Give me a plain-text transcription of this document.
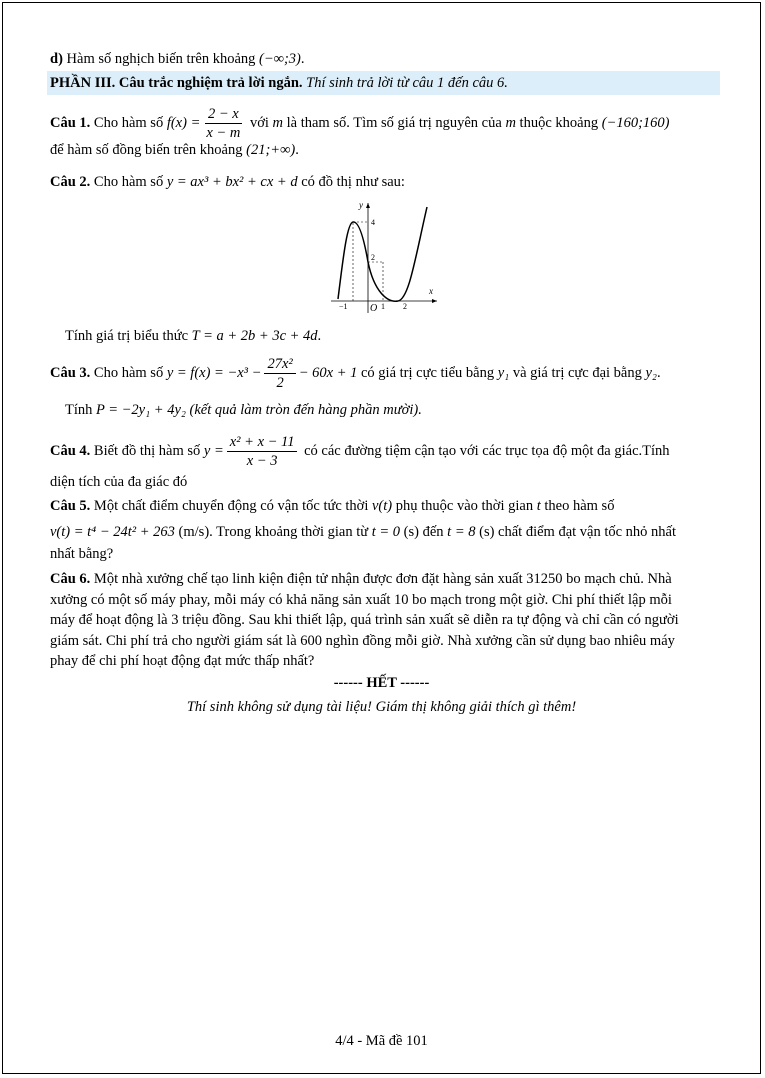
d) Hàm số nghịch biến trên khoảng (−∞;3).
PHẦN III. Câu trắc nghiệm trả lời ngắn. Thí sinh trả lời từ câu 1 đến câu 6.
Câu 1. Cho hàm số $f(x) = \frac{2 - x}{x - m}$ với m là tham số. Tìm số giá trị nguyên của m thuộc khoảng (−160;160)
để hàm số đồng biến trên khoảng (21;+∞).
Câu 2. Cho hàm số y = ax³ + bx² + cx + d có đồ thị như sau:
y
x
O
−1	1 2
4
2
Tính giá trị biểu thức T = a + 2b + 3c + 4d.
Câu 3. Cho hàm số $y = f(x) = -x^3 - \frac{\text{27x²}}{2} - 60x + 1$ có giá trị cực tiểu bằng y₁ và giá trị cực đại bằng y₂.
Tính P = −2y₁ + 4y₂ (kết quả làm tròn đến hàng phần mười).
Câu 4. Biết đồ thị hàm số $y = \frac{\text{x² + x − 11}}{x - 3}$ có các đường tiệm cận tạo với các trục tọa độ một đa giác.Tính
diện tích của đa giác đó
Câu 5. Một chất điểm chuyển động có vận tốc tức thời v(t) phụ thuộc vào thời gian t theo hàm số
v(t) = t⁴ − 24t² + 263 (m/s). Trong khoảng thời gian từ t = 0 (s) đến t = 8 (s) chất điểm đạt vận tốc nhỏ nhất
nhất bằng?
Câu 6. Một nhà xưởng chế tạo linh kiện điện tử nhận được đơn đặt hàng sản xuất 31250 bo mạch chủ. Nhà
xưởng có một số máy phay, mỗi máy có khả năng sản xuất 10 bo mạch trong một giờ. Chi phí thiết lập mỗi
máy để hoạt động là 3 triệu đồng. Sau khi thiết lập, quá trình sản xuất sẽ diễn ra tự động và chỉ cần có người
giám sát. Chi phí trả cho người giám sát là 600 nghìn đồng mỗi giờ. Nhà xưởng cần sử dụng bao nhiêu máy
phay để chi phí hoạt động đạt mức thấp nhất?
------ HẾT ------
Thí sinh không sử dụng tài liệu! Giám thị không giải thích gì thêm!
4/4 - Mã đề 101
